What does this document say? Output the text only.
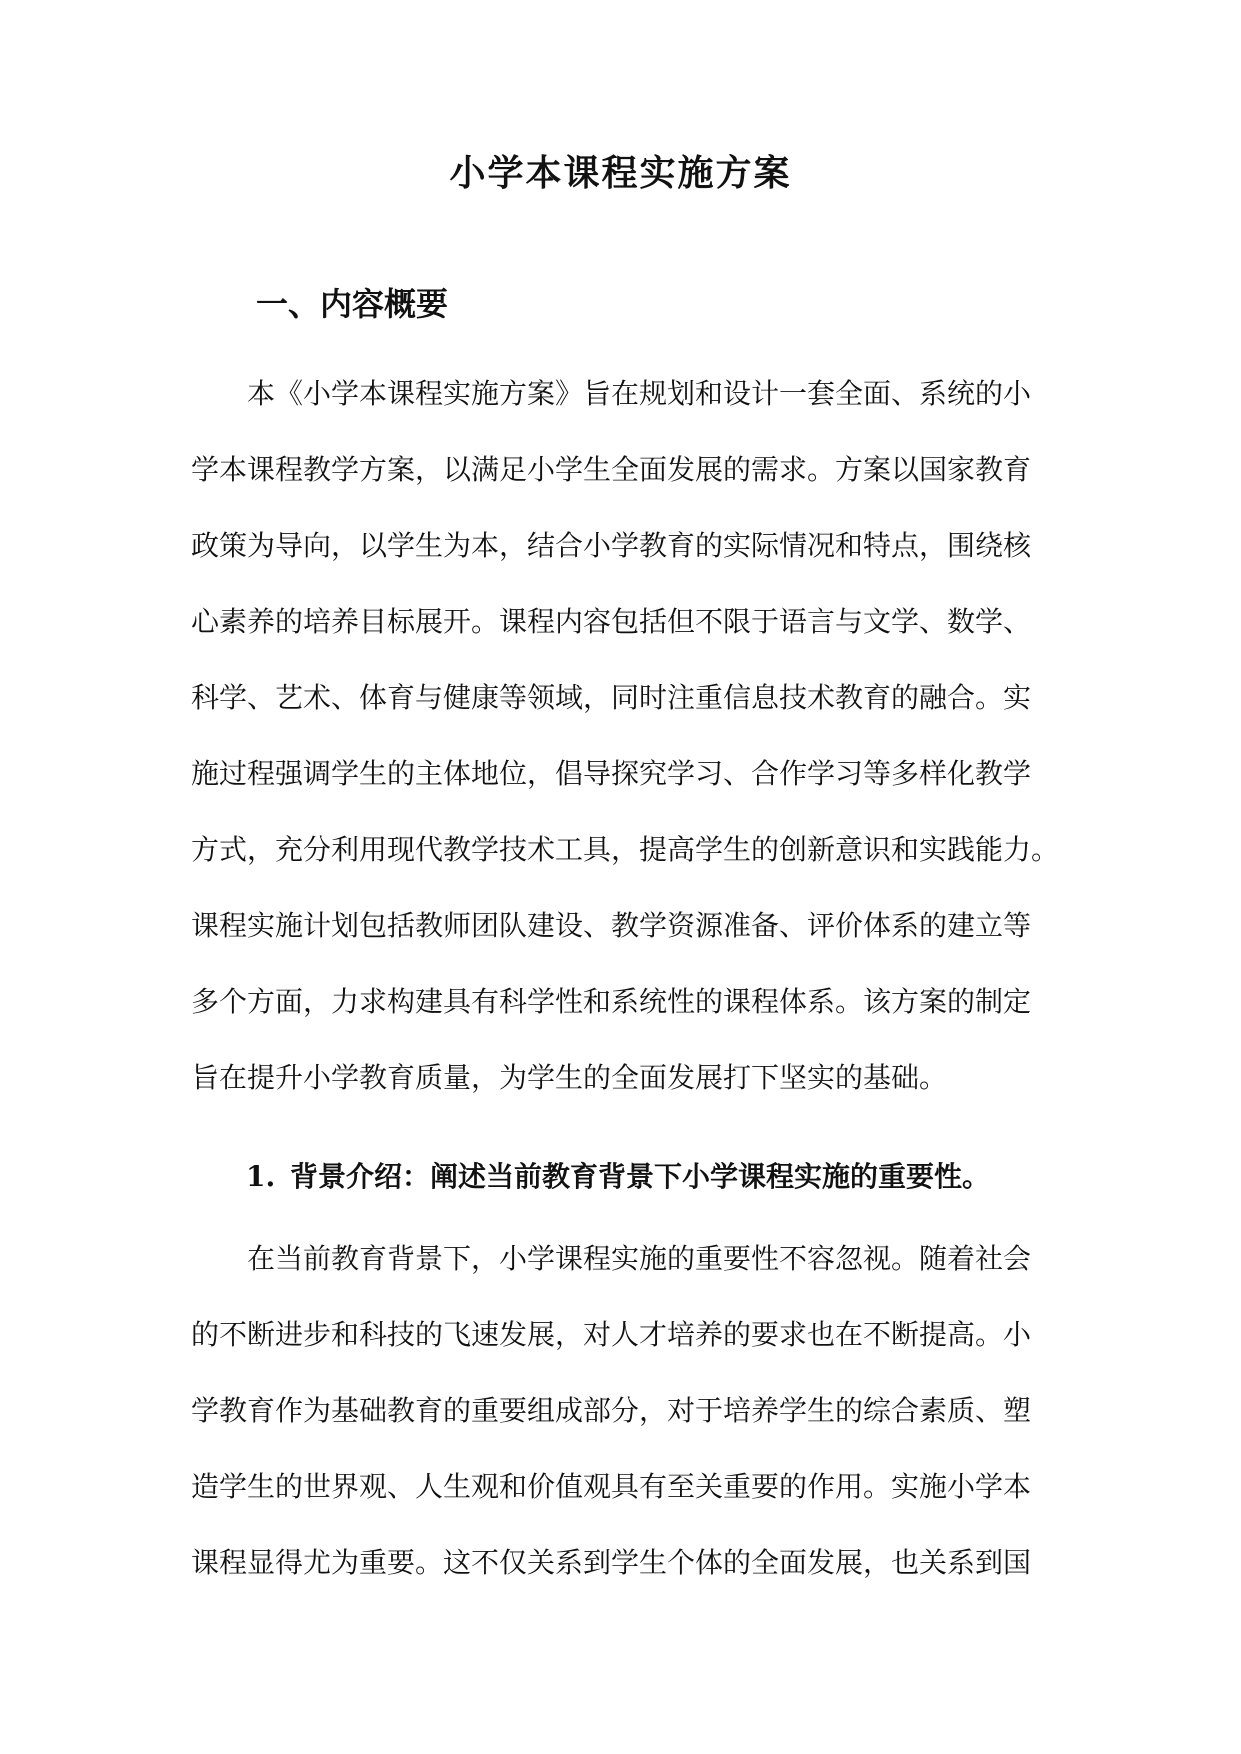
小学本课程实施方案
一、内容概要
本《小学本课程实施方案》旨在规划和设计一套全面、系统的小
学本课程教学方案，以满足小学生全面发展的需求。方案以国家教育
政策为导向，以学生为本，结合小学教育的实际情况和特点，围绕核
心素养的培养目标展开。课程内容包括但不限于语言与文学、数学、
科学、艺术、体育与健康等领域，同时注重信息技术教育的融合。实
施过程强调学生的主体地位，倡导探究学习、合作学习等多样化教学
方式，充分利用现代教学技术工具，提高学生的创新意识和实践能力。
课程实施计划包括教师团队建设、教学资源准备、评价体系的建立等
多个方面，力求构建具有科学性和系统性的课程体系。该方案的制定
旨在提升小学教育质量，为学生的全面发展打下坚实的基础。
1. 背景介绍：阐述当前教育背景下小学课程实施的重要性。
在当前教育背景下，小学课程实施的重要性不容忽视。随着社会
的不断进步和科技的飞速发展，对人才培养的要求也在不断提高。小
学教育作为基础教育的重要组成部分，对于培养学生的综合素质、塑
造学生的世界观、人生观和价值观具有至关重要的作用。实施小学本
课程显得尤为重要。这不仅关系到学生个体的全面发展，也关系到国
